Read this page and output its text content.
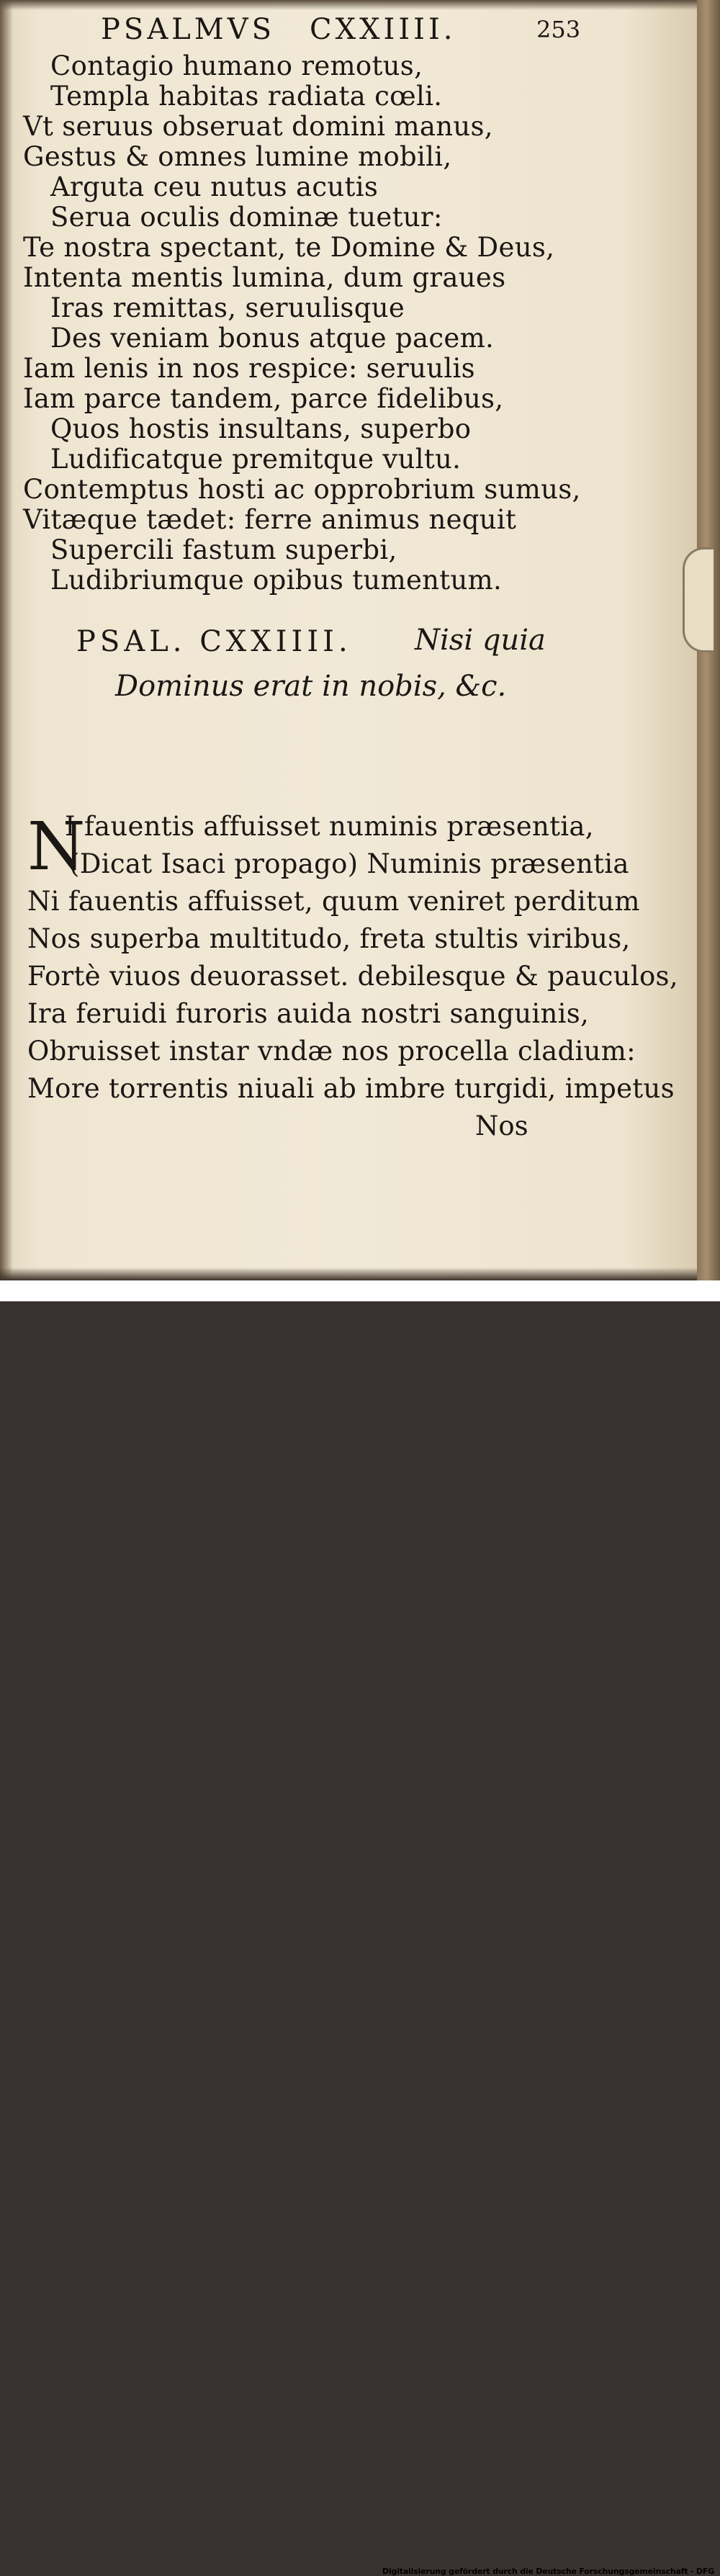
PSALMVS CXXIIII.	253
Contagio humano remotus,
Templa habitas radiata cœli.
Vt seruus obseruat domini manus,
Gestus & omnes lumine mobili,
Arguta ceu nutus acutis
Serua oculis dominæ tuetur:
Te nostra spectant, te Domine & Deus,
Intenta mentis lumina, dum graues
Iras remittas, seruulisque
Des veniam bonus atque pacem.
Iam lenis in nos respice: seruulis
Iam parce tandem, parce fidelibus,
Quos hostis insultans, superbo
Ludificatque premitque vultu.
Contemptus hosti ac opprobrium sumus,
Vitæque tædet: ferre animus nequit
Supercili fastum superbi,
Ludibriumque opibus tumentum.
PSAL. CXXIIII. Nisi quia
Dominus erat in nobis, &c.
N
I fauentis affuisset numinis præsentia,
(Dicat Isaci propago) Numinis præsentia
Ni fauentis affuisset, quum veniret perditum
Nos superba multitudo, freta stultis viribus,
Fortè viuos deuorasset. debilesque & pauculos,
Ira feruidi furoris auida nostri sanguinis,
Obruisset instar vndæ nos procella cladium:
More torrentis niuali ab imbre turgidi, impetus
Nos
Digitalisierung gefördert durch die Deutsche Forschungsgemeinschaft - DFG
